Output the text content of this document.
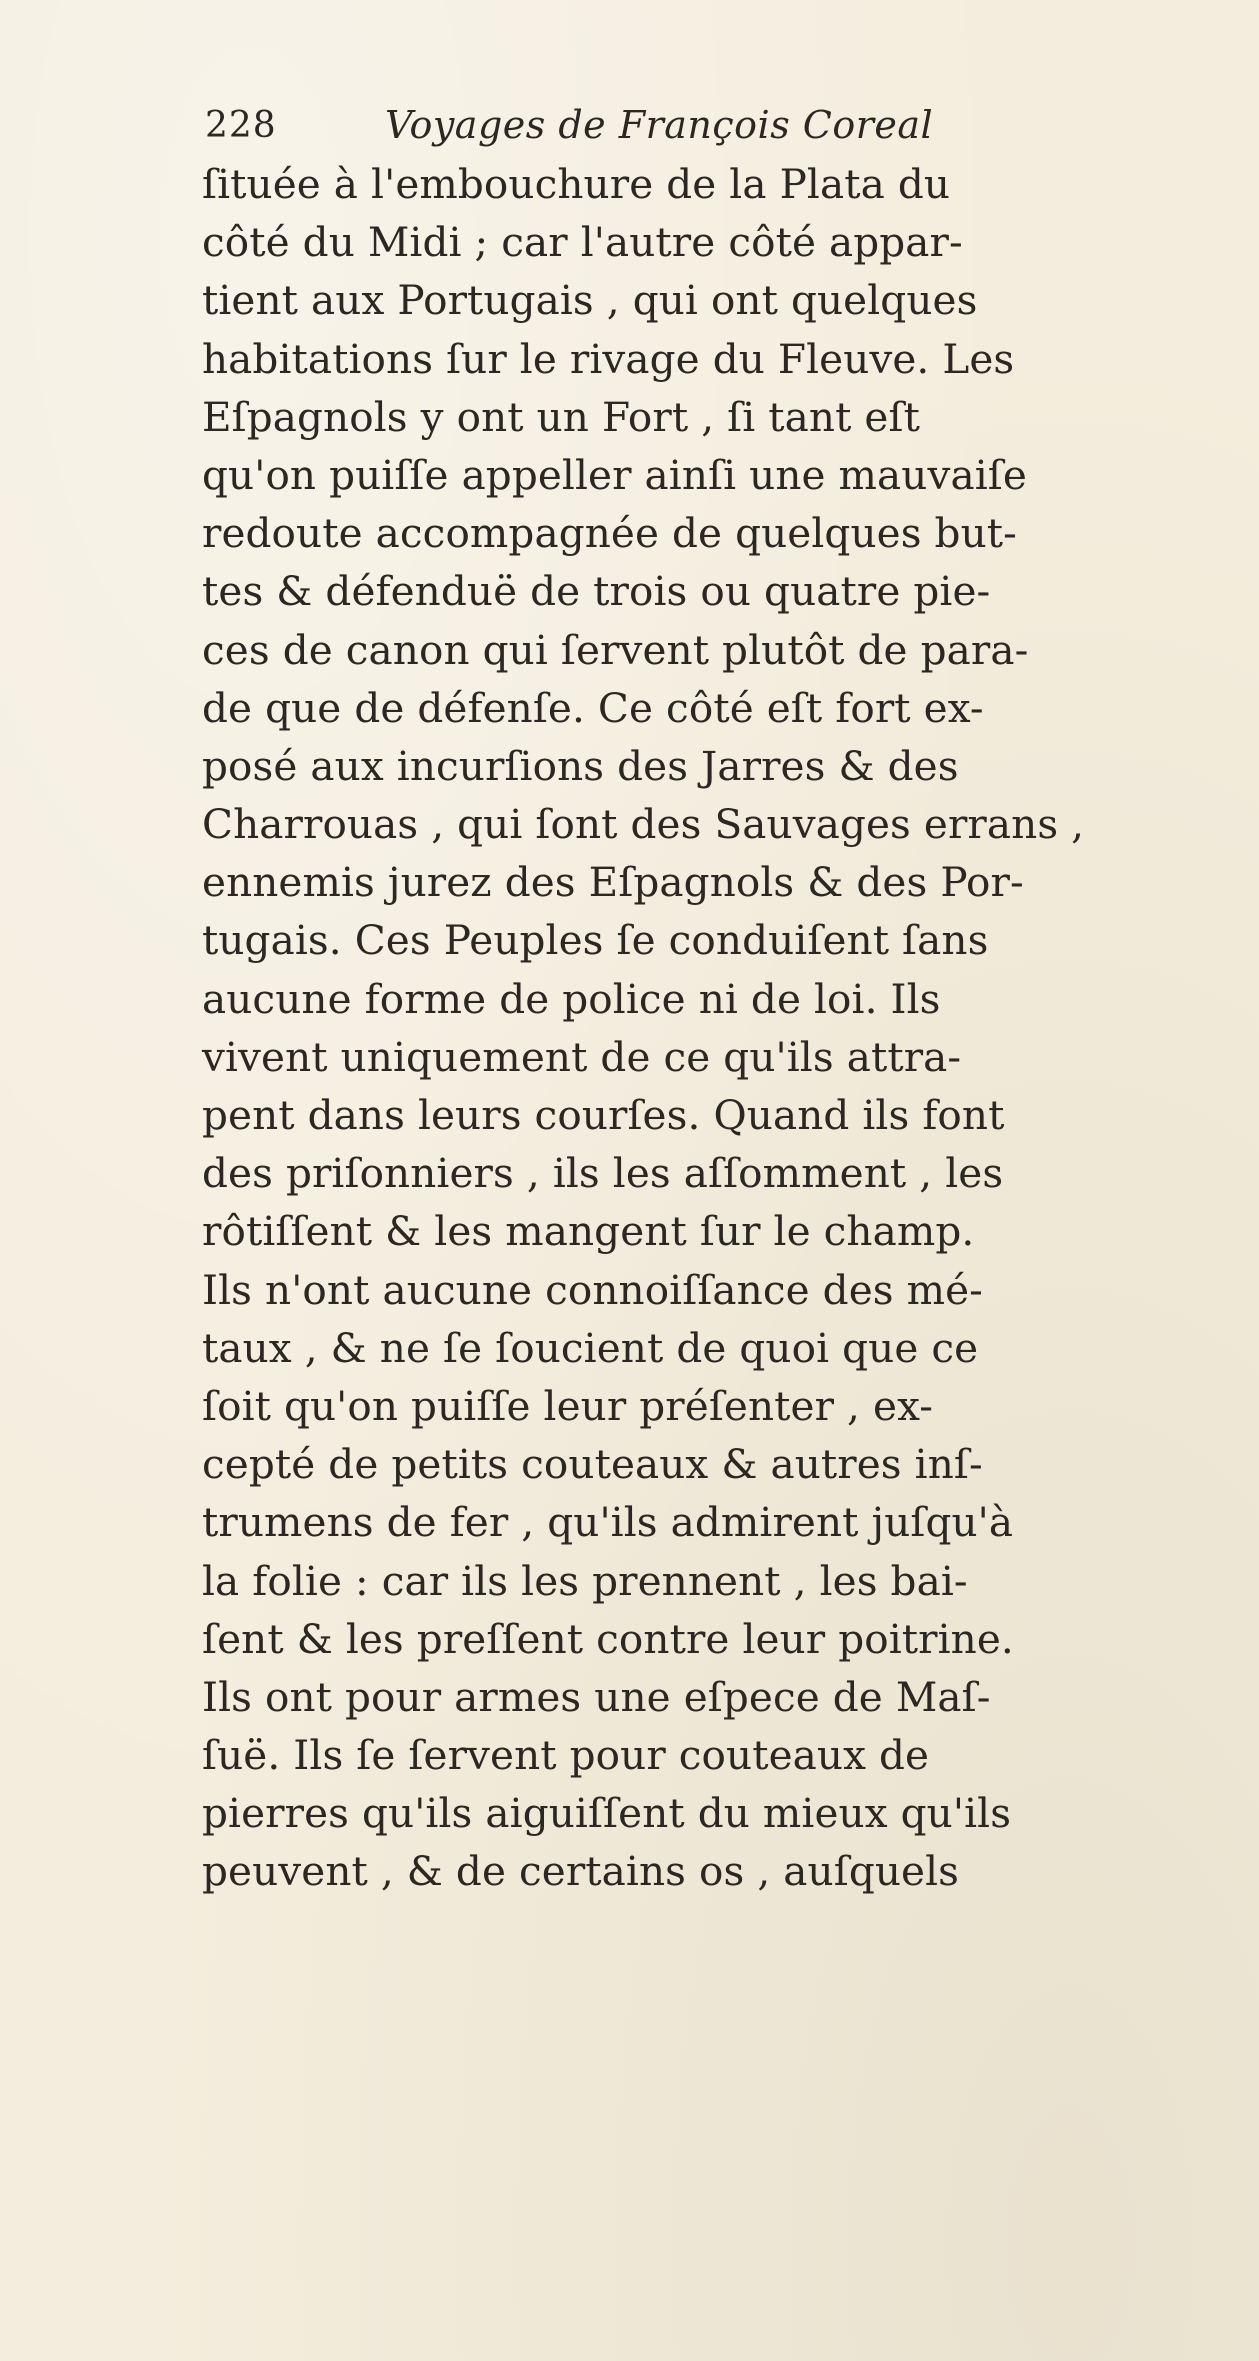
228	Voyages de François Coreal
ſituée à l'embouchure de la Plata du
côté du Midi ; car l'autre côté appar-
tient aux Portugais , qui ont quelques
habitations ſur le rivage du Fleuve. Les
Eſpagnols y ont un Fort , ſi tant eſt
qu'on puiſſe appeller ainſi une mauvaiſe
redoute accompagnée de quelques but-
tes & défenduë de trois ou quatre pie-
ces de canon qui ſervent plutôt de para-
de que de défenſe. Ce côté eſt fort ex-
posé aux incurſions des Jarres & des
Charrouas , qui ſont des Sauvages errans ,
ennemis jurez des Eſpagnols & des Por-
tugais. Ces Peuples ſe conduiſent ſans
aucune forme de police ni de loi. Ils
vivent uniquement de ce qu'ils attra-
pent dans leurs courſes. Quand ils font
des priſonniers , ils les aſſomment , les
rôtiſſent & les mangent ſur le champ.
Ils n'ont aucune connoiſſance des mé-
taux , & ne ſe ſoucient de quoi que ce
ſoit qu'on puiſſe leur préſenter , ex-
cepté de petits couteaux & autres inſ-
trumens de fer , qu'ils admirent juſqu'à
la folie : car ils les prennent , les bai-
ſent & les preſſent contre leur poitrine.
Ils ont pour armes une eſpece de Maſ-
ſuë. Ils ſe ſervent pour couteaux de
pierres qu'ils aiguiſſent du mieux qu'ils
peuvent , & de certains os , auſquels
